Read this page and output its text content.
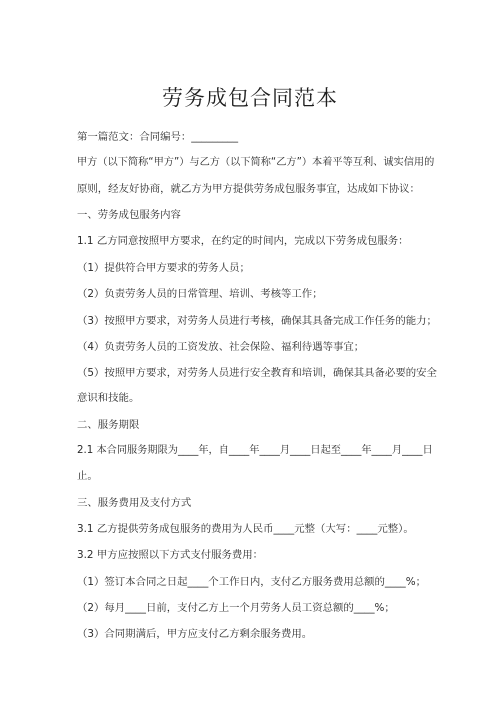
劳务成包合同范本
第一篇范文：合同编号：_________
甲方（以下简称“甲方”）与乙方（以下简称“乙方”）本着平等互利、诚实信用的
原则，经友好协商，就乙方为甲方提供劳务成包服务事宜，达成如下协议：
一、劳务成包服务内容
1.1 乙方同意按照甲方要求，在约定的时间内，完成以下劳务成包服务：
（1）提供符合甲方要求的劳务人员；
（2）负责劳务人员的日常管理、培训、考核等工作；
（3）按照甲方要求，对劳务人员进行考核，确保其具备完成工作任务的能力；
（4）负责劳务人员的工资发放、社会保险、福利待遇等事宜；
（5）按照甲方要求，对劳务人员进行安全教育和培训，确保其具备必要的安全
意识和技能。
二、服务期限
2.1 本合同服务期限为____年，自____年____月____日起至____年____月____日
止。
三、服务费用及支付方式
3.1 乙方提供劳务成包服务的费用为人民币____元整（大写：____元整）。
3.2 甲方应按照以下方式支付服务费用：
（1）签订本合同之日起____个工作日内，支付乙方服务费用总额的____%；
（2）每月____日前，支付乙方上一个月劳务人员工资总额的____%；
（3）合同期满后，甲方应支付乙方剩余服务费用。
